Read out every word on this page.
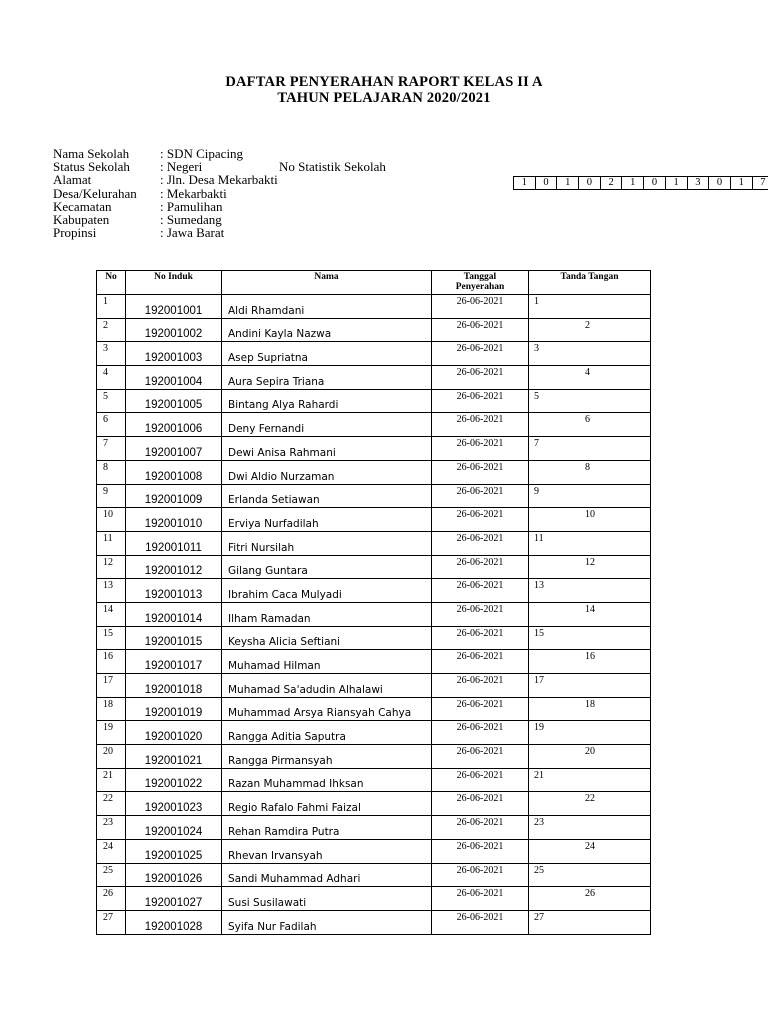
DAFTAR PENYERAHAN RAPORT KELAS II A
TAHUN PELAJARAN 2020/2021
Nama Sekolah : SDN Cipacing
Status Sekolah : Negeri	No Statistik Sekolah
Alamat	: Jln. Desa Mekarbakti
Desa/Kelurahan : Mekarbakti
Kecamatan	: Pamulihan
Kabupaten	: Sumedang
Propinsi	: Jawa Barat
1	0	1	0	2	1	0	1	3	0	1	7
No	No Induk	Nama	Tanggal
Penyerahan	Tanda Tangan
1	192001001	Aldi Rhamdani	26-06-2021	1

2	192001002	Andini Kayla Nazwa	26-06-2021	2

3	192001003	Asep Supriatna	26-06-2021	3

4	192001004	Aura Sepira Triana	26-06-2021	4

5	192001005	Bintang Alya Rahardi	26-06-2021	5

6	192001006	Deny Fernandi	26-06-2021	6

7	192001007	Dewi Anisa Rahmani	26-06-2021	7

8	192001008	Dwi Aldio Nurzaman	26-06-2021	8

9	192001009	Erlanda Setiawan	26-06-2021	9

10	192001010	Erviya Nurfadilah	26-06-2021	10

11	192001011	Fitri Nursilah	26-06-2021	11

12	192001012	Gilang Guntara	26-06-2021	12

13	192001013	Ibrahim Caca Mulyadi	26-06-2021	13

14	192001014	Ilham Ramadan	26-06-2021	14

15	192001015	Keysha Alicia Seftiani	26-06-2021	15

16	192001017	Muhamad Hilman	26-06-2021	16

17	192001018	Muhamad Sa'adudin Alhalawi	26-06-2021	17

18	192001019	Muhammad Arsya Riansyah Cahya	26-06-2021	18

19	192001020	Rangga Aditia Saputra	26-06-2021	19

20	192001021	Rangga Pirmansyah	26-06-2021	20

21	192001022	Razan Muhammad Ihksan	26-06-2021	21

22	192001023	Regio Rafalo Fahmi Faizal	26-06-2021	22

23	192001024	Rehan Ramdira Putra	26-06-2021	23

24	192001025	Rhevan Irvansyah	26-06-2021	24

25	192001026	Sandi Muhammad Adhari	26-06-2021	25

26	192001027	Susi Susilawati	26-06-2021	26

27	192001028	Syifa Nur Fadilah	26-06-2021	27
